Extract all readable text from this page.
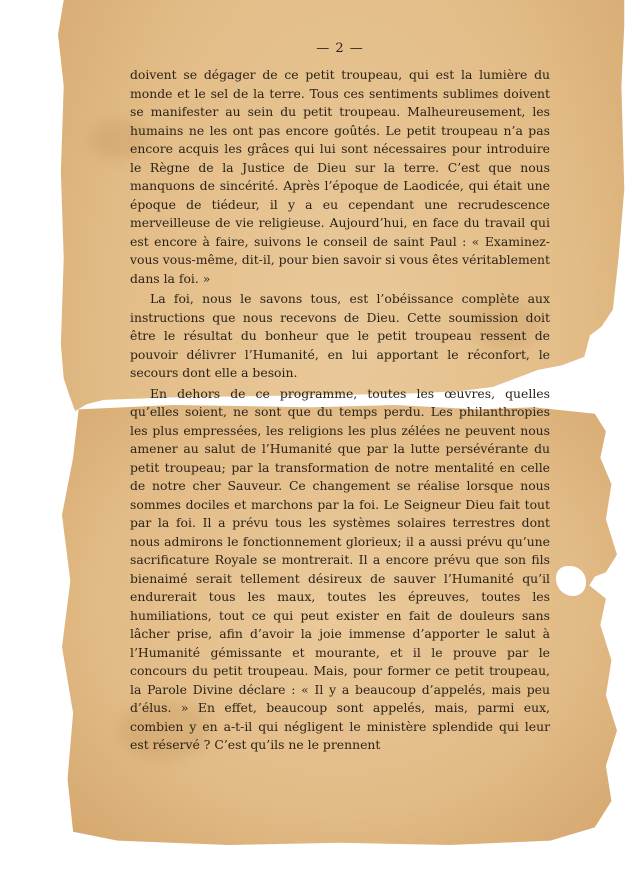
— 2 —

doivent se dégager de ce petit troupeau, qui est la lumière du monde et le sel de la terre. Tous ces sentiments sublimes doivent se manifester au sein du petit troupeau. Malheureusement, les humains ne les ont pas encore goûtés. Le petit troupeau n’a pas encore acquis les grâces qui lui sont nécessaires pour introduire le Règne de la Justice de Dieu sur la terre. C’est que nous manquons de sincérité. Après l’époque de Laodicée, qui était une époque de tiédeur, il y a eu cependant une recrudescence merveilleuse de vie religieuse. Aujourd’hui, en face du travail qui est encore à faire, suivons le conseil de saint Paul : « Examinez-vous vous-même, dit-il, pour bien savoir si vous êtes véritablement dans la foi. »

La foi, nous le savons tous, est l’obéissance complète aux instructions que nous recevons de Dieu. Cette soumission doit être le résultat du bonheur que le petit troupeau ressent de pouvoir délivrer l’Humanité, en lui apportant le réconfort, le secours dont elle a besoin.

En dehors de ce programme, toutes les œuvres, quelles qu’elles soient, ne sont que du temps perdu. Les philanthropies les plus empressées, les religions les plus zélées ne peuvent nous amener au salut de l’Humanité que par la lutte persévérante du petit troupeau; par la transformation de notre mentalité en celle de notre cher Sauveur. Ce changement se réalise lorsque nous sommes dociles et marchons par la foi. Le Seigneur Dieu fait tout par la foi. Il a prévu tous les systèmes solaires terrestres dont nous admirons le fonctionnement glorieux; il a aussi prévu qu’une sacrificature Royale se montrerait. Il a encore prévu que son fils bienaimé serait tellement désireux de sauver l’Humanité qu’il endurerait tous les maux, toutes les épreuves, toutes les humiliations, tout ce qui peut exister en fait de douleurs sans lâcher prise, afin d’avoir la joie immense d’apporter le salut à l’Humanité gémissante et mourante, et il le prouve par le concours du petit troupeau. Mais, pour former ce petit troupeau, la Parole Divine déclare : « Il y a beaucoup d’appelés, mais peu d’élus. » En effet, beaucoup sont appelés, mais, parmi eux, combien y en a-t-il qui négligent le ministère splendide qui leur est réservé ? C’est qu’ils ne le prennent
